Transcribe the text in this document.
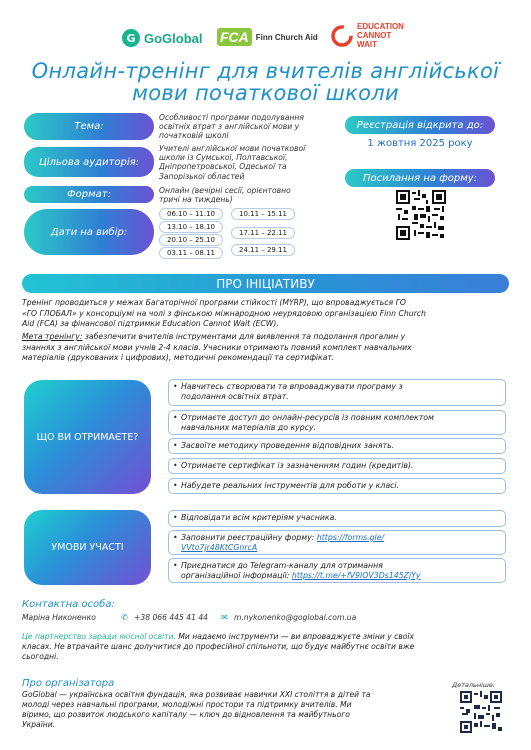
G GoGlobal FCA Finn Church Aid
EDUCATION
CANNOT
WAIT
Онлайн-тренінг для вчителів англійської
мови початкової школи
Тема:
Особливості програми подолування
освітніх втрат з англійської мови у
початковій школі
Цільова аудиторія:
Учителі англійської мови початкової
школи із Сумської, Полтавської,
Дніпропетровської, Одеської та
Запорізької областей
Формат:	Онлайн (вечірні сесії, орієнтовно
тричі на тиждень)
Дати на вибір:
06.10 – 11.10	10.11 – 15.11
13.10 – 18.10
17.11 – 22.11
20.10 – 25.10
24.11 – 29.11
03.11 – 08.11
Реєстрація відкрита до:
1 жовтня 2025 року
Посилання на форму:
ПРО ІНІЦІАТИВУ
Тренінг проводиться у межах Багаторічної програми стійкості (MYRP), що впроваджується ГО
«ГО ГЛОБАЛ» у консорціумі на чолі з фінською міжнародною неурядовою організацією Finn Church
Aid (FCA) за фінансової підтримки Education Cannot Wait (ECW).
Мета тренінгу: забезпечити вчителів інструментами для виявлення та подолання прогалин у
знаннях з англійської мови учнів 2-4 класів. Учасники отримають повний комплект навчальних
матеріалів (друкованих і цифрових), методичні рекомендації та сертифікат.
ЩО ВИ ОТРИМАЄТЕ?
• Навчитесь створювати та впроваджувати програму з
подолання освітніх втрат.
• Отримаєте доступ до онлайн-ресурсів із повним комплектом
навчальних матеріалів до курсу.
• Засвоїте методику проведення відповідних занять.
• Отримаєте сертифікат із зазначенням годин (кредитів).
• Набудете реальних інструментів для роботи у класі.
УМОВИ УЧАСТІ
• Відповідати всім критеріям учасника.
• Заповнити реєстраційну форму: https://forms.gle/
VVto7jr48KtCGnrcA
• Приєднатися до Telegram-каналу для отримання
організаційної інформації: https://t.me/+fV9IOV3Ds145ZjYy
Контактна особа:
Маріна Никоненко	✆ +38 066 445 41 44 ✉ m.nykonenko@goglobal.com.ua
Це партнерство заради якісної освіти. Ми надаємо інструменти — ви впроваджуєте зміни у своїх
класах. Не втрачайте шанс долучитися до професійної спільноти, що будує майбутнє освіти вже
сьогодні.
Про організатора
GoGlobal — українська освітня фундація, яка розвиває навички XXI століття в дітей та
молоді через навчальні програми, молодіжні простори та підтримку вчителів. Ми
віримо, що розвиток людського капіталу — ключ до відновлення та майбутнього
України.
Детальніше:
